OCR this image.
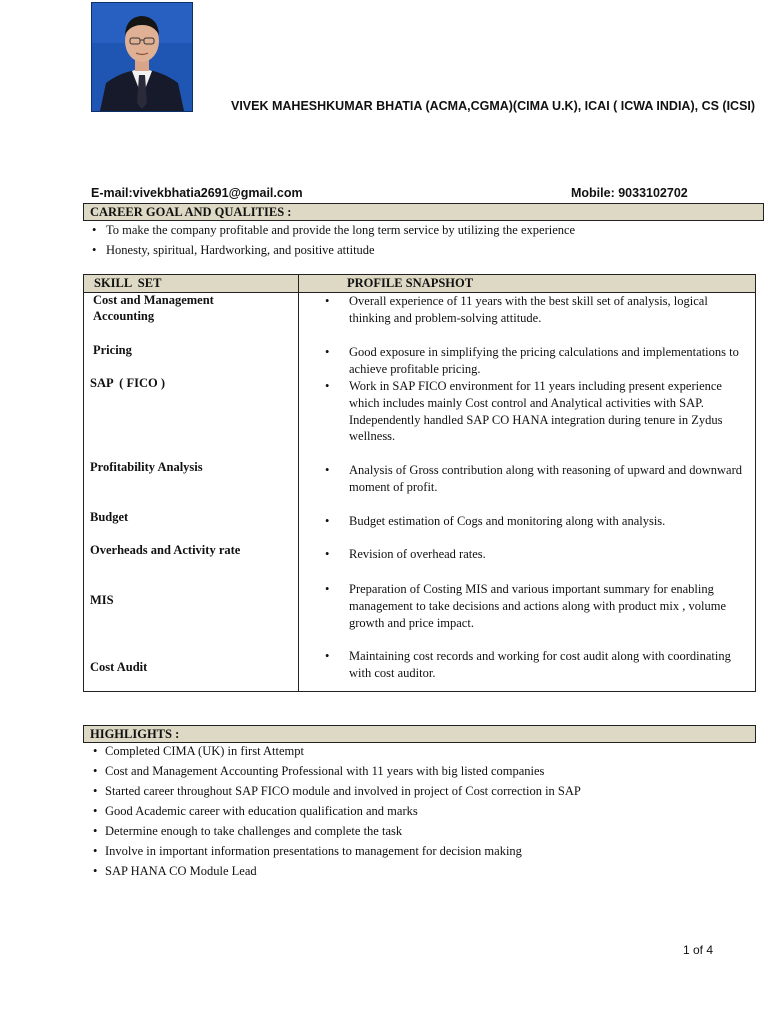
VIVEK MAHESHKUMAR BHATIA (ACMA,CGMA)(CIMA U.K), ICAI ( ICWA INDIA), CS (ICSI)
E-mail:vivekbhatia2691@gmail.com	Mobile: 9033102702
CAREER GOAL AND QUALITIES :
• To make the company profitable and provide the long term service by utilizing the experience
• Honesty, spiritual, Hardworking, and positive attitude
SKILL  SET	PROFILE SNAPSHOT
Cost and Management Accounting
Pricing
SAP  ( FICO )
Profitability Analysis
Budget
Overheads and Activity rate
MIS
Cost Audit
• Overall experience of 11 years with the best skill set of analysis, logical thinking and problem-solving attitude.
• Good exposure in simplifying the pricing calculations and implementations to achieve profitable pricing.
• Work in SAP FICO environment for 11 years including present experience which includes mainly Cost control and Analytical activities with SAP. Independently handled SAP CO HANA integration during tenure in Zydus wellness.
• Analysis of Gross contribution along with reasoning of upward and downward moment of profit.
• Budget estimation of Cogs and monitoring along with analysis.
• Revision of overhead rates.
• Preparation of Costing MIS and various important summary for enabling management to take decisions and actions along with product mix , volume growth and price impact.
• Maintaining cost records and working for cost audit along with coordinating with cost auditor.
HIGHLIGHTS :
• Completed CIMA (UK) in first Attempt
• Cost and Management Accounting Professional with 11 years with big listed companies
• Started career throughout SAP FICO module and involved in project of Cost correction in SAP
• Good Academic career with education qualification and marks
• Determine enough to take challenges and complete the task
• Involve in important information presentations to management for decision making
• SAP HANA CO Module Lead
1 of 4
